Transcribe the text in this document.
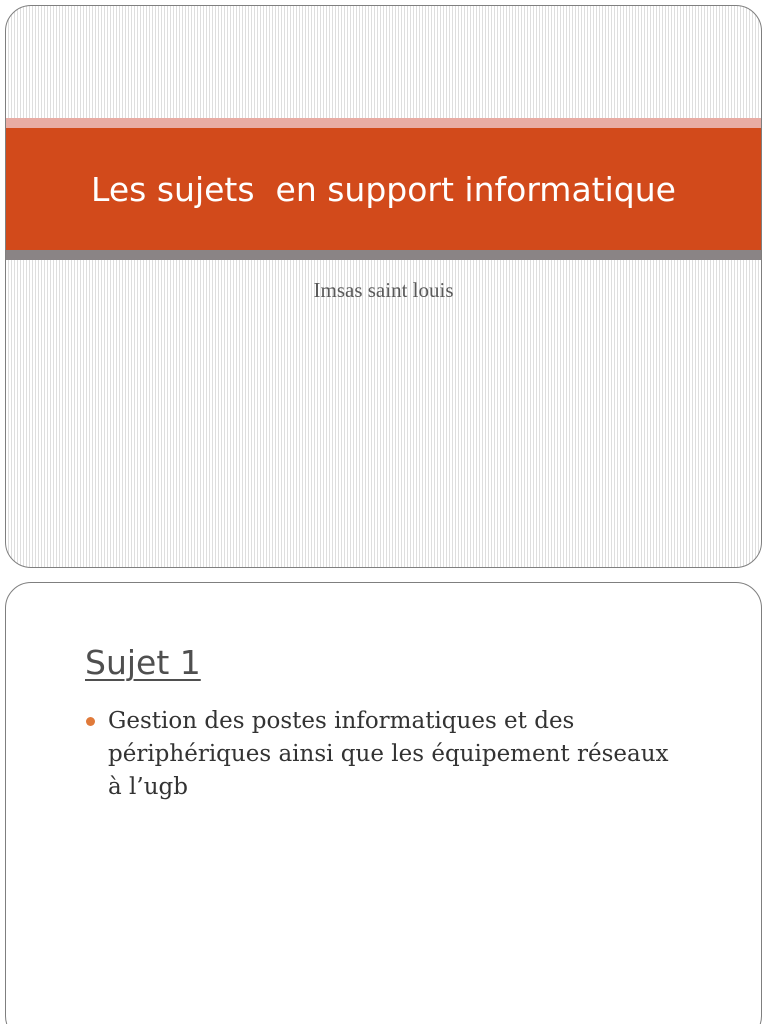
Les sujets  en support informatique
Imsas saint louis
Sujet 1
Gestion des postes informatiques et des périphériques ainsi que les équipement réseaux à l’ugb
